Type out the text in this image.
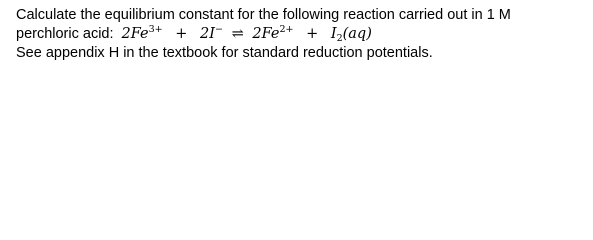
Calculate the equilibrium constant for the following reaction carried out in 1 M
perchloric acid: $2Fe^{3+} + 2I^-$ ⇌ $2Fe^{2+} + I_2(aq)$
See appendix H in the textbook for standard reduction potentials.
